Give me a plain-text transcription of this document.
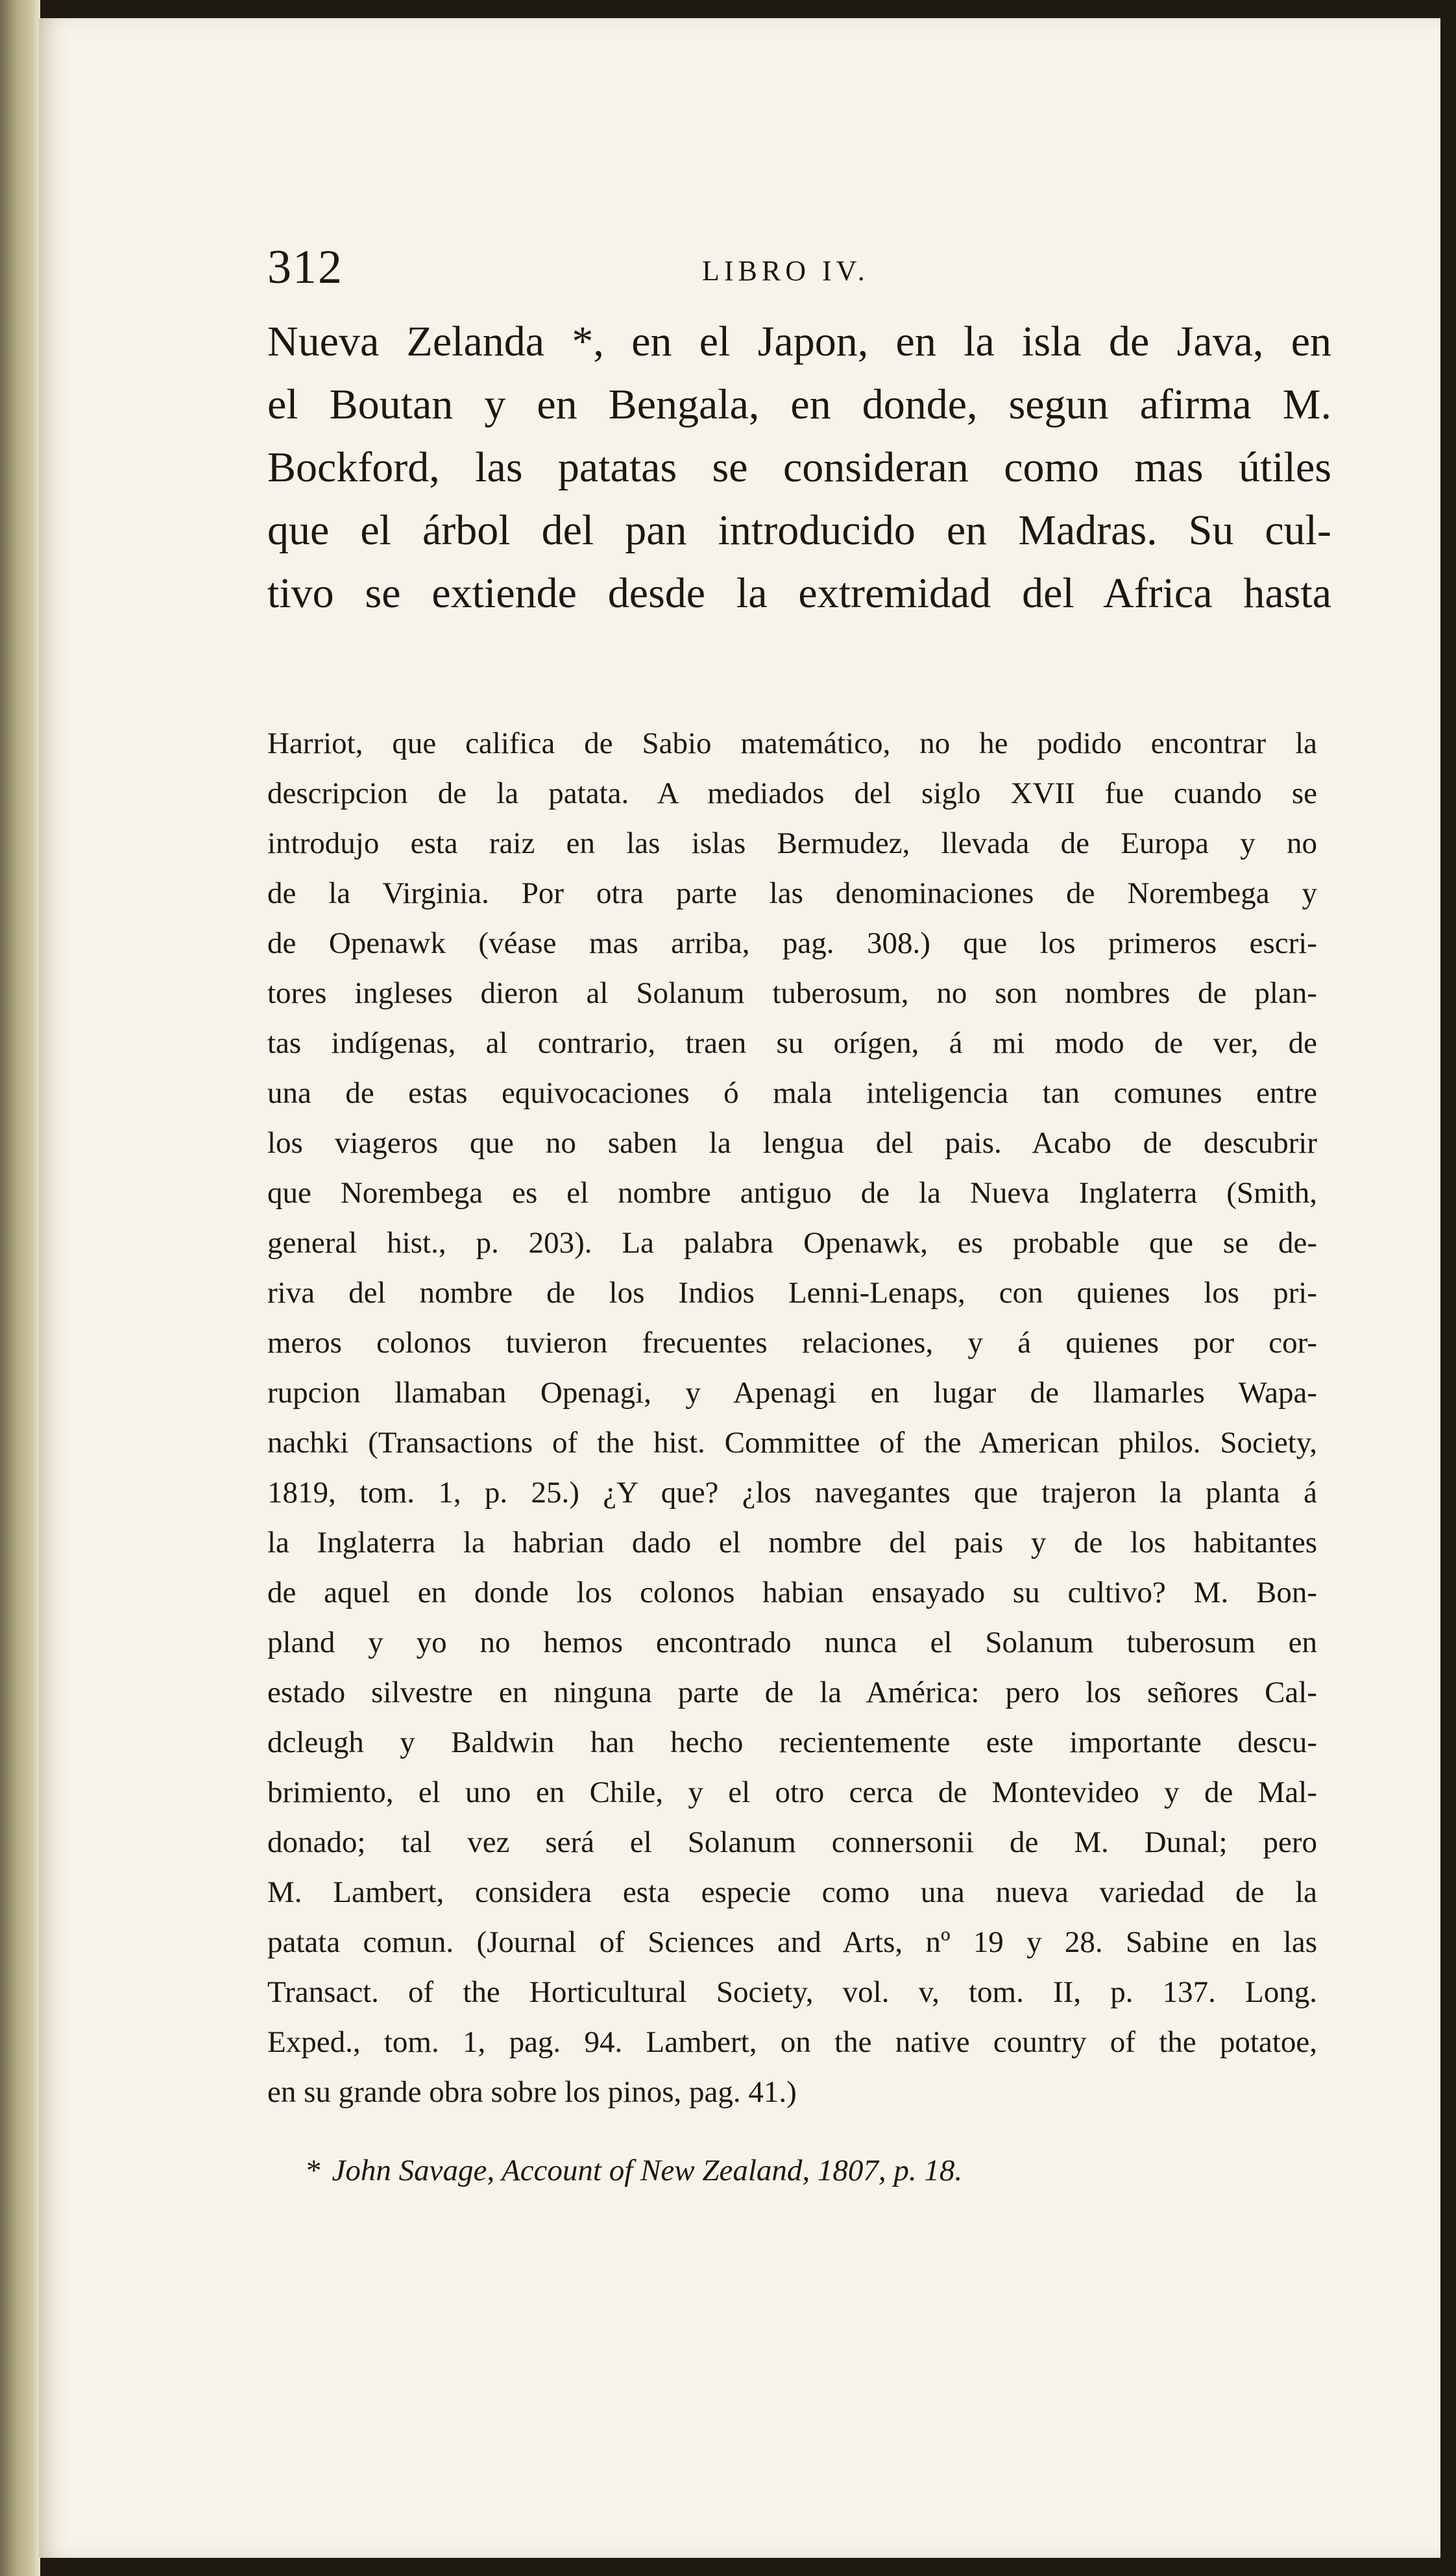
312	LIBRO IV.
Nueva Zelanda *, en el Japon, en la isla de Java, en
el Boutan y en Bengala, en donde, segun afirma M.
Bockford, las patatas se consideran como mas útiles
que el árbol del pan introducido en Madras. Su cul-
tivo se extiende desde la extremidad del Africa hasta
Harriot, que califica de Sabio matemático, no he podido encontrar la
descripcion de la patata. A mediados del siglo XVII fue cuando se
introdujo esta raiz en las islas Bermudez, llevada de Europa y no
de la Virginia. Por otra parte las denominaciones de Norembega y
de Openawk (véase mas arriba, pag. 308.) que los primeros escri-
tores ingleses dieron al Solanum tuberosum, no son nombres de plan-
tas indígenas, al contrario, traen su orígen, á mi modo de ver, de
una de estas equivocaciones ó mala inteligencia tan comunes entre
los viageros que no saben la lengua del pais. Acabo de descubrir
que Norembega es el nombre antiguo de la Nueva Inglaterra (Smith,
general hist., p. 203). La palabra Openawk, es probable que se de-
riva del nombre de los Indios Lenni-Lenaps, con quienes los pri-
meros colonos tuvieron frecuentes relaciones, y á quienes por cor-
rupcion llamaban Openagi, y Apenagi en lugar de llamarles Wapa-
nachki (Transactions of the hist. Committee of the American philos. Society,
1819, tom. 1, p. 25.) ¿Y que? ¿los navegantes que trajeron la planta á
la Inglaterra la habrian dado el nombre del pais y de los habitantes
de aquel en donde los colonos habian ensayado su cultivo? M. Bon-
pland y yo no hemos encontrado nunca el Solanum tuberosum en
estado silvestre en ninguna parte de la América: pero los señores Cal-
dcleugh y Baldwin han hecho recientemente este importante descu-
brimiento, el uno en Chile, y el otro cerca de Montevideo y de Mal-
donado; tal vez será el Solanum connersonii de M. Dunal; pero
M. Lambert, considera esta especie como una nueva variedad de la
patata comun. (Journal of Sciences and Arts, nº 19 y 28. Sabine en las
Transact. of the Horticultural Society, vol. v, tom. II, p. 137. Long.
Exped., tom. 1, pag. 94. Lambert, on the native country of the potatoe,
en su grande obra sobre los pinos, pag. 41.)
* John Savage, Account of New Zealand, 1807, p. 18.
